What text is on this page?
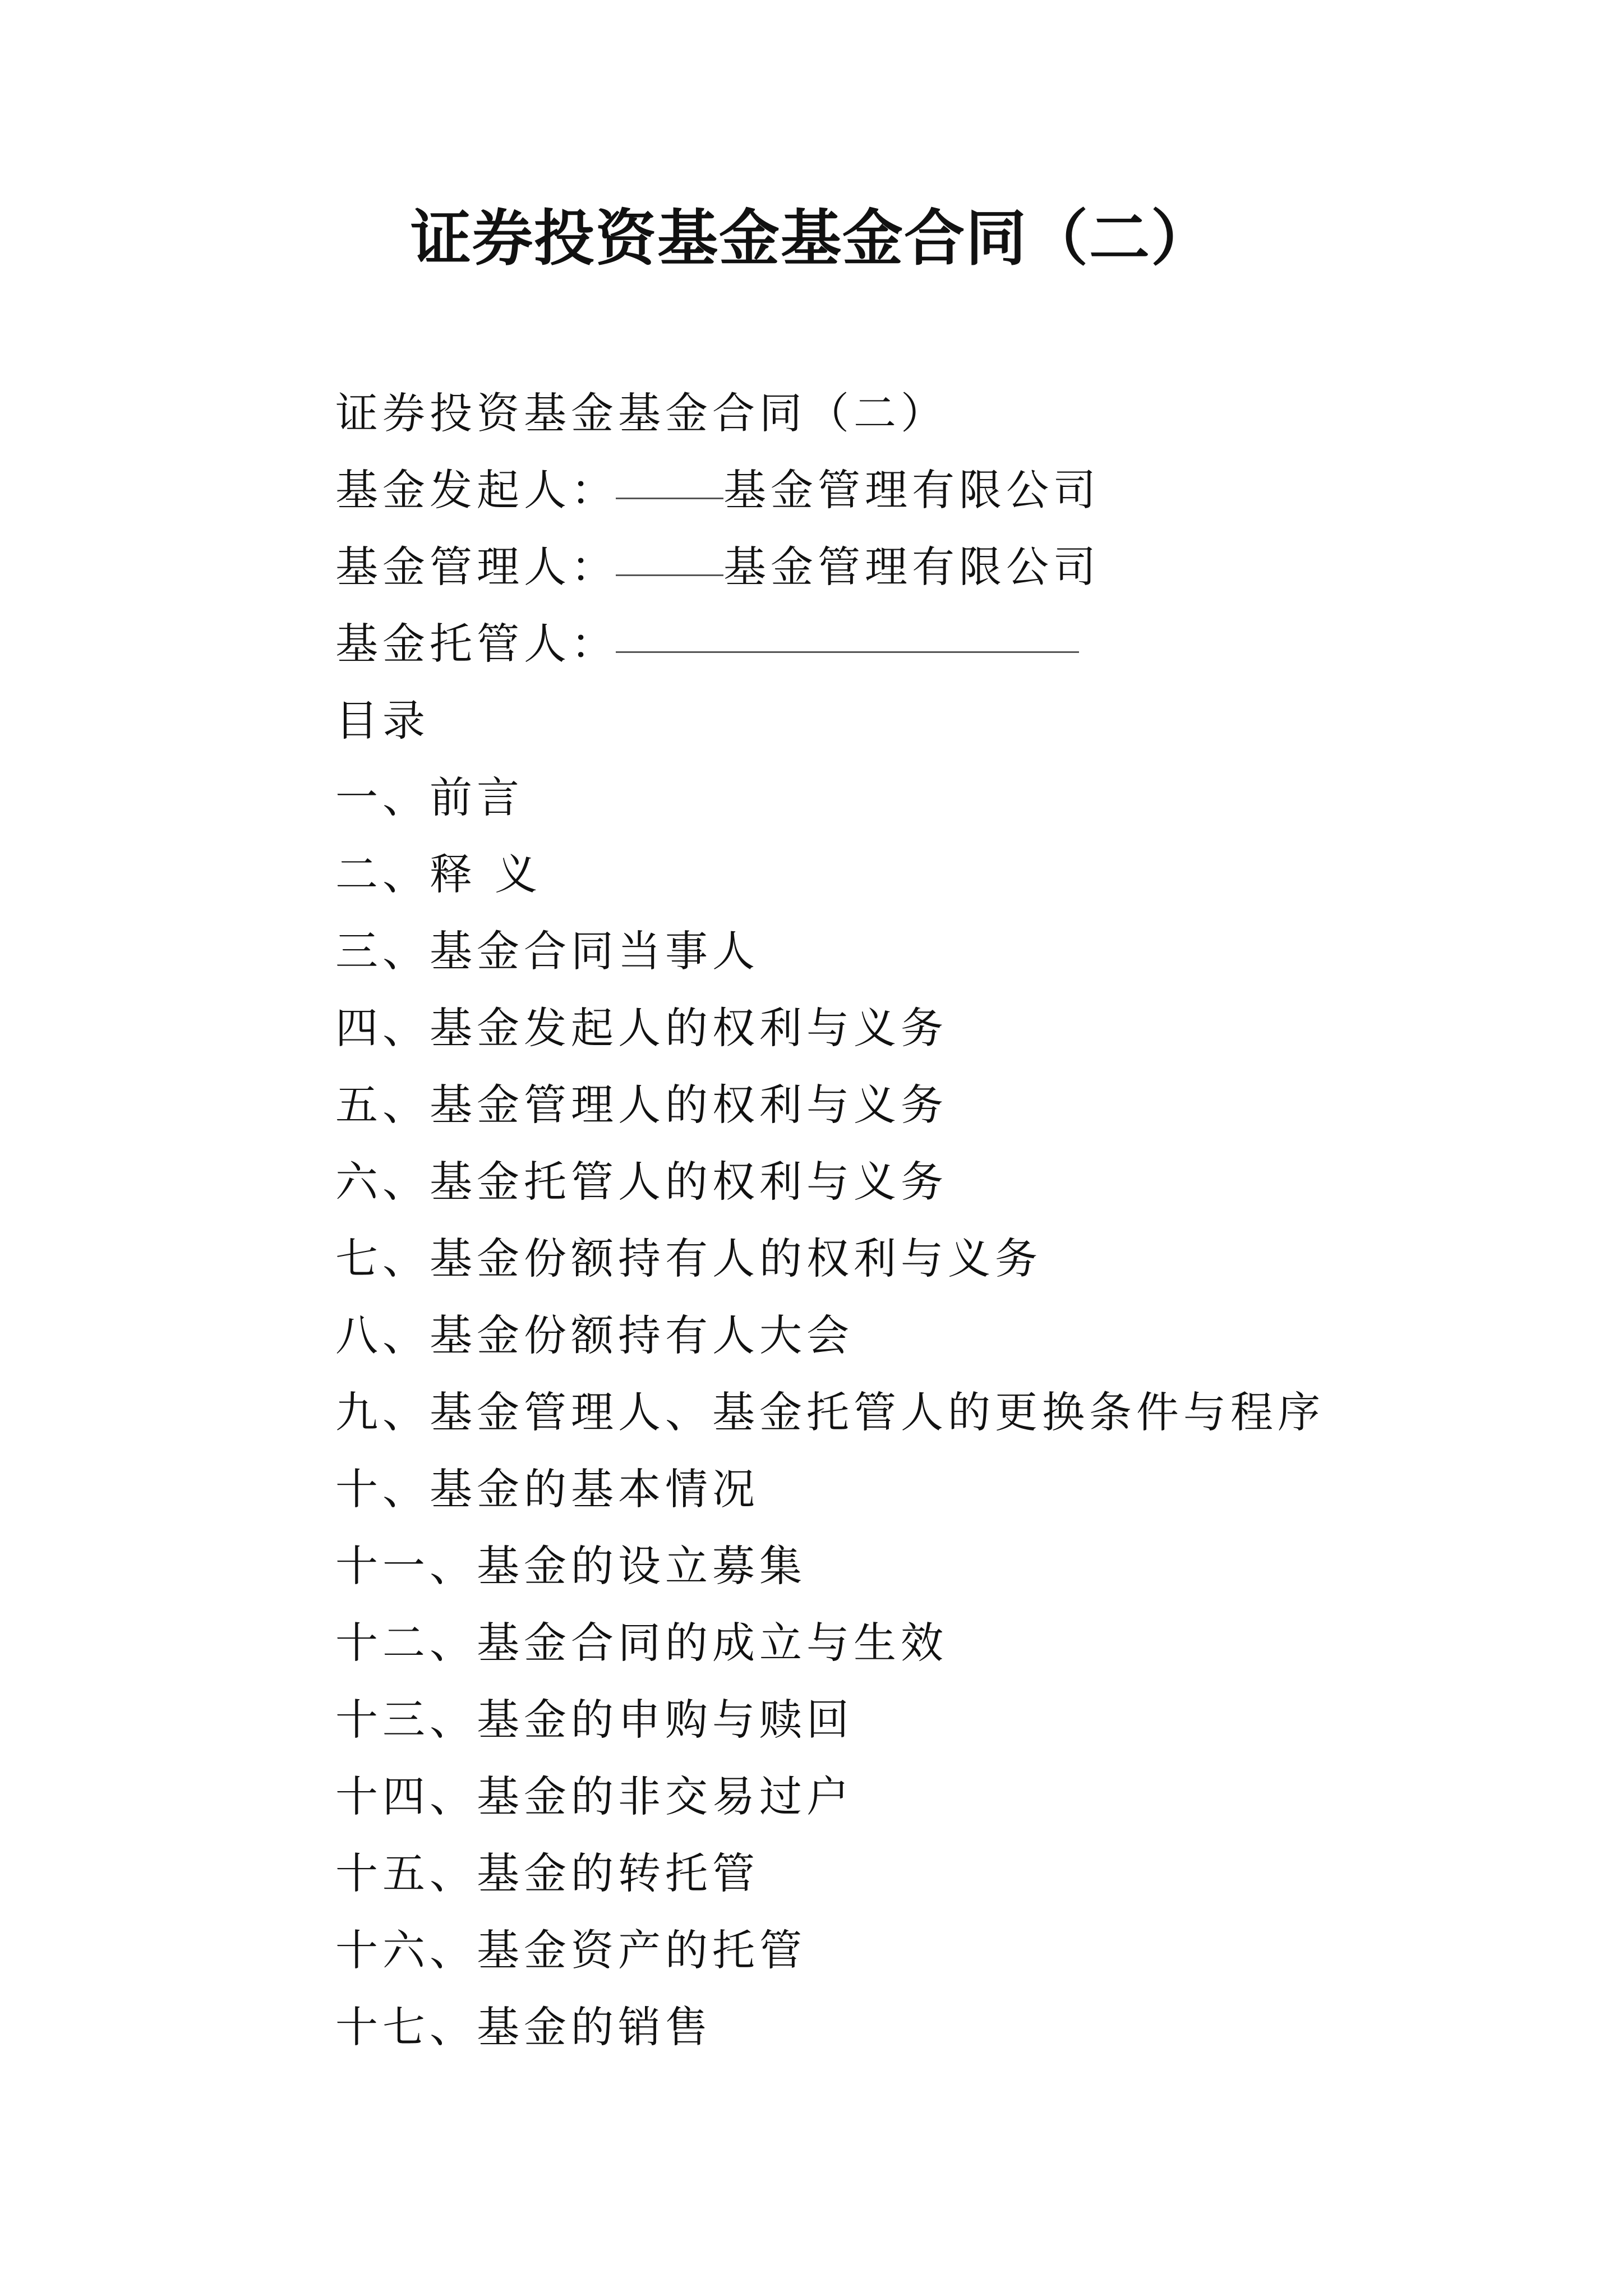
证券投资基金基金合同（二）
证券投资基金基金合同（二）
基金发起人： 基金管理有限公司
基金管理人： 基金管理有限公司
基金托管人：
目录
一、前言
二、释 义
三、基金合同当事人
四、基金发起人的权利与义务
五、基金管理人的权利与义务
六、基金托管人的权利与义务
七、基金份额持有人的权利与义务
八、基金份额持有人大会
九、基金管理人、基金托管人的更换条件与程序
十、基金的基本情况
十一、基金的设立募集
十二、基金合同的成立与生效
十三、基金的申购与赎回
十四、基金的非交易过户
十五、基金的转托管
十六、基金资产的托管
十七、基金的销售
